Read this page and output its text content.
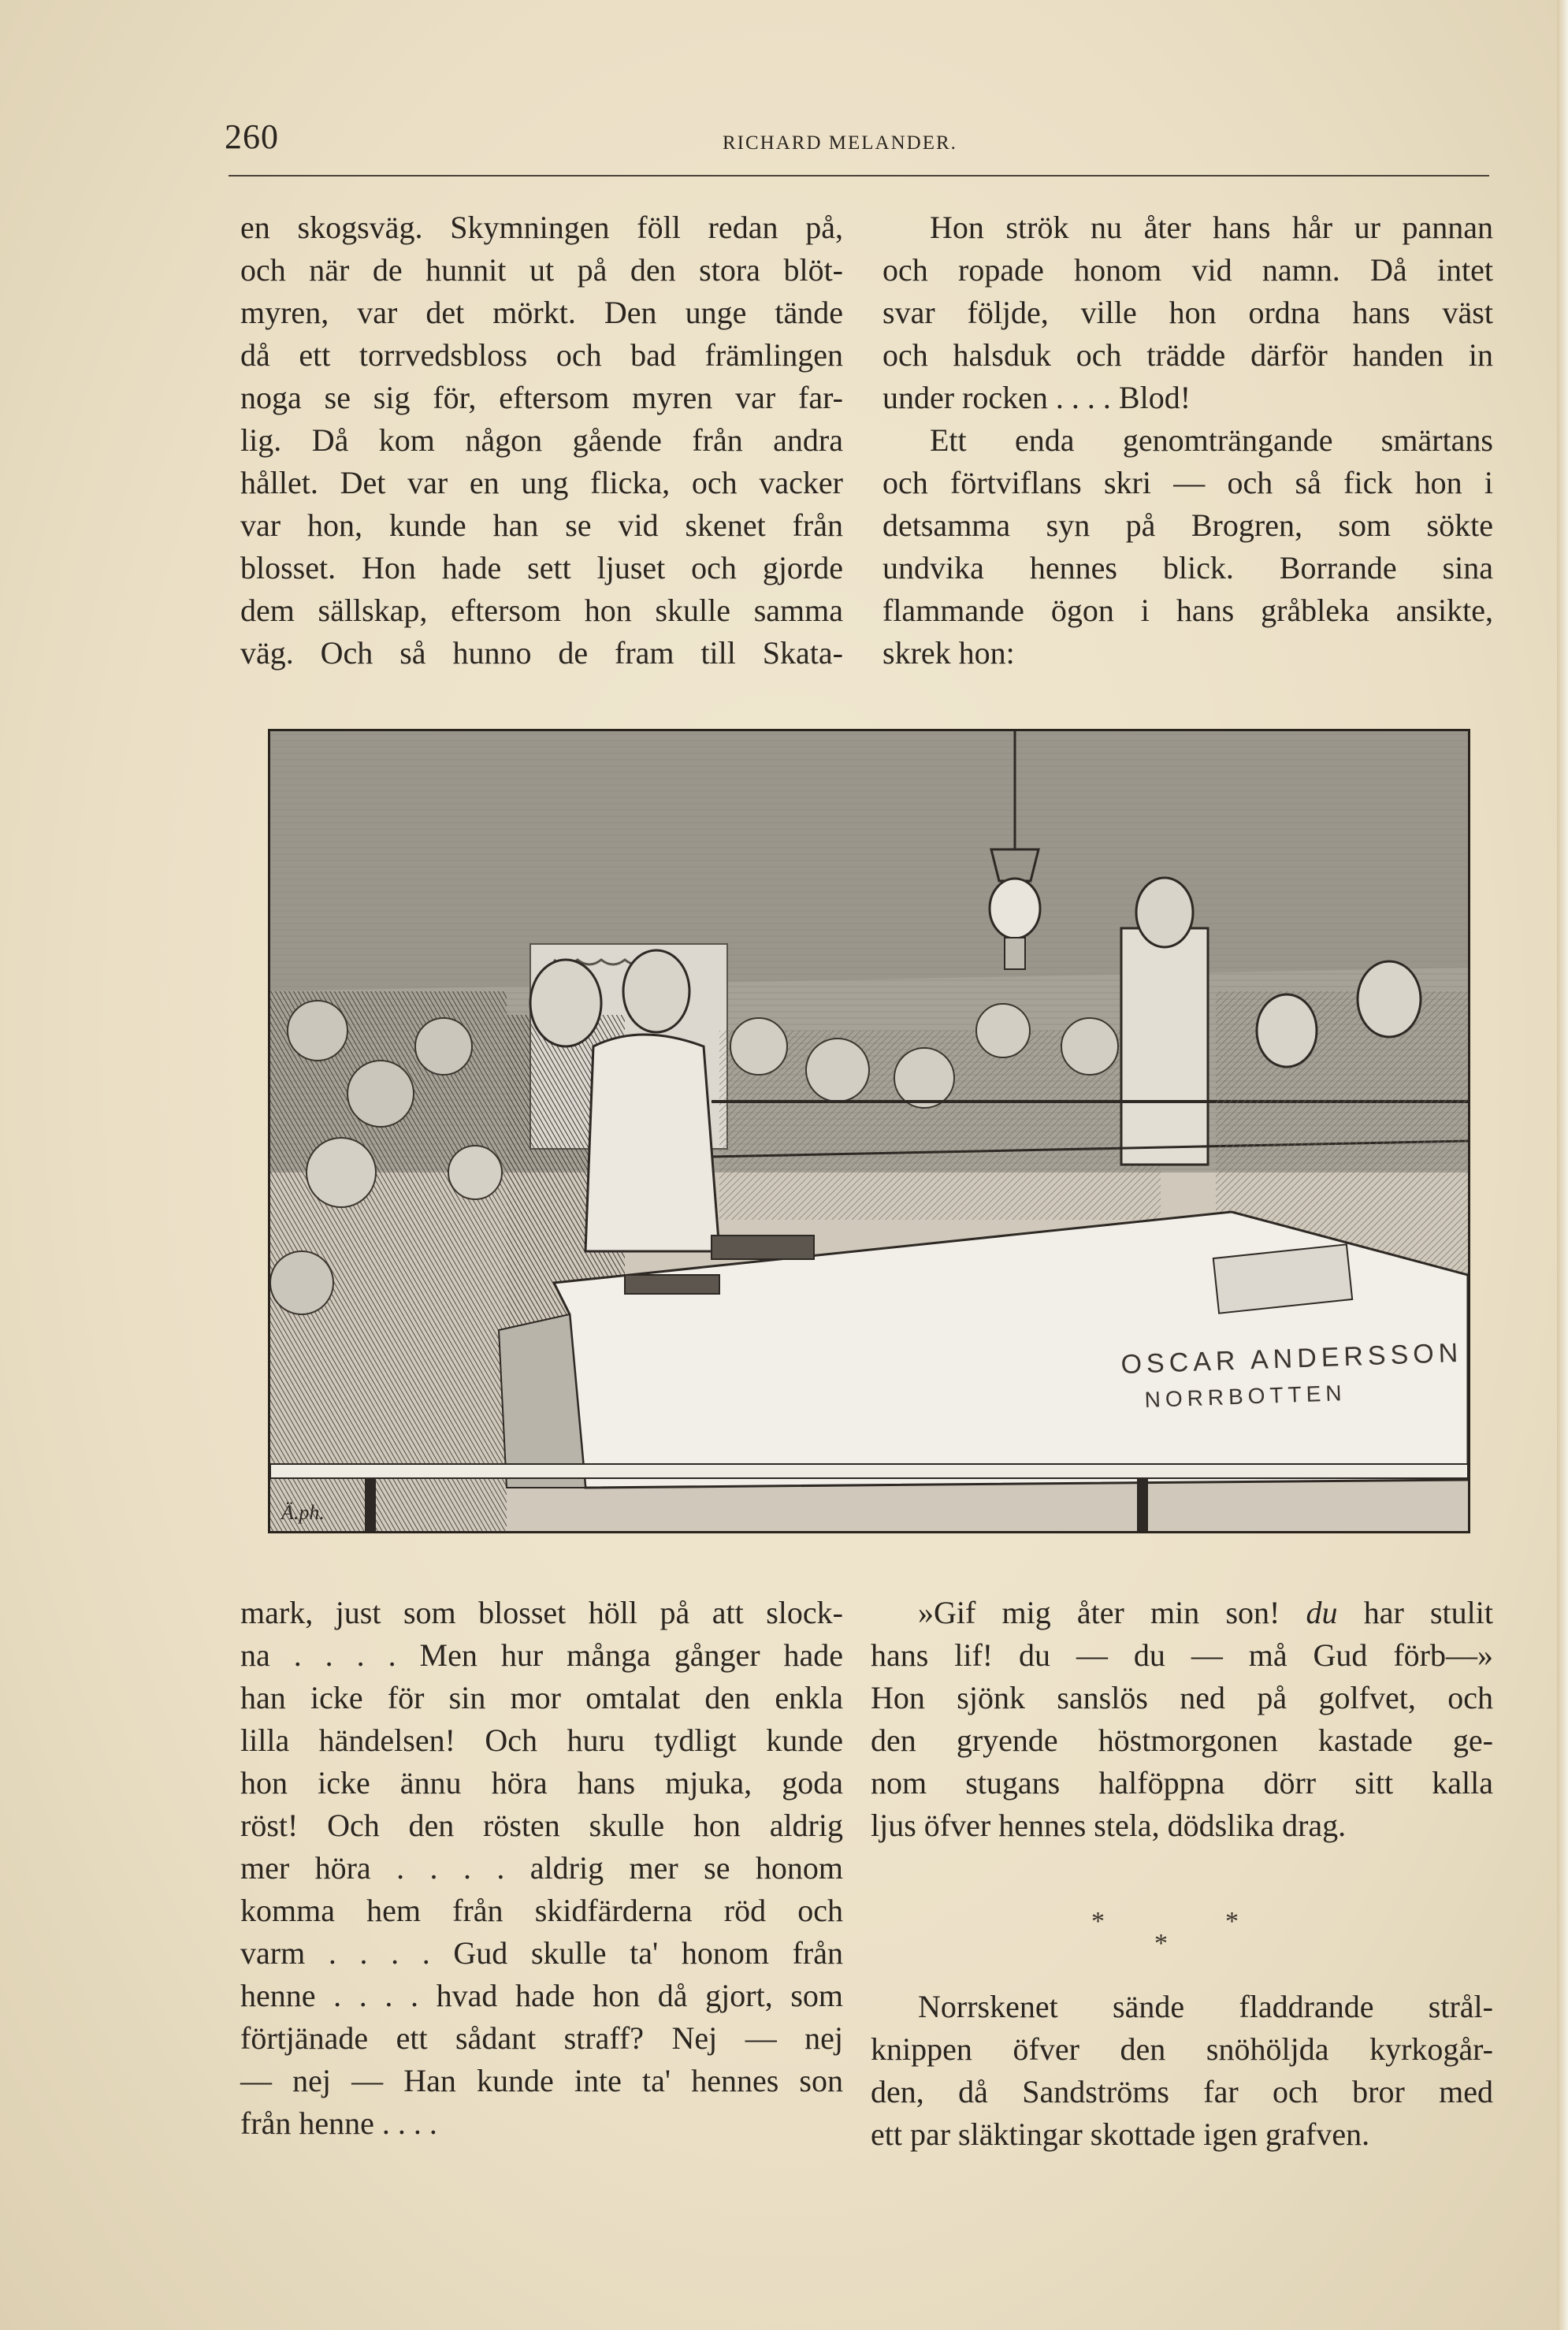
260	RICHARD MELANDER.
en skogsväg. Skymningen föll redan på,
och när de hunnit ut på den stora blöt-
myren, var det mörkt. Den unge tände
då ett torrvedsbloss och bad främlingen
noga se sig för, eftersom myren var far-
lig. Då kom någon gående från andra
hållet. Det var en ung flicka, och vacker
var hon, kunde han se vid skenet från
blosset. Hon hade sett ljuset och gjorde
dem sällskap, eftersom hon skulle samma
väg. Och så hunno de fram till Skata-
Hon strök nu åter hans hår ur pannan
och ropade honom vid namn. Då intet
svar följde, ville hon ordna hans väst
och halsduk och trädde därför handen in
under rocken . . . . Blod!
Ett enda genomträngande smärtans
och förtviflans skri — och så fick hon i
detsamma syn på Brogren, som sökte
undvika hennes blick. Borrande sina
flammande ögon i hans gråbleka ansikte,
skrek hon:
OSCAR ANDERSSON
NORRBOTTEN
Ä.ph.
mark, just som blosset höll på att slock-
na . . . . Men hur många gånger hade
han icke för sin mor omtalat den enkla
lilla händelsen! Och huru tydligt kunde
hon icke ännu höra hans mjuka, goda
röst! Och den rösten skulle hon aldrig
mer höra . . . . aldrig mer se honom
komma hem från skidfärderna röd och
varm . . . . Gud skulle ta' honom från
henne . . . . hvad hade hon då gjort, som
förtjänade ett sådant straff? Nej — nej
— nej — Han kunde inte ta' hennes son
från henne . . . .
»Gif mig åter min son! du har stulit
hans lif! du — du — må Gud förb—»
Hon sjönk sanslös ned på golfvet, och
den gryende höstmorgonen kastade ge-
nom stugans halföppna dörr sitt kalla
ljus öfver hennes stela, dödslika drag.
*
*
*
Norrskenet sände fladdrande strål-
knippen öfver den snöhöljda kyrkogår-
den, då Sandströms far och bror med
ett par släktingar skottade igen grafven.
